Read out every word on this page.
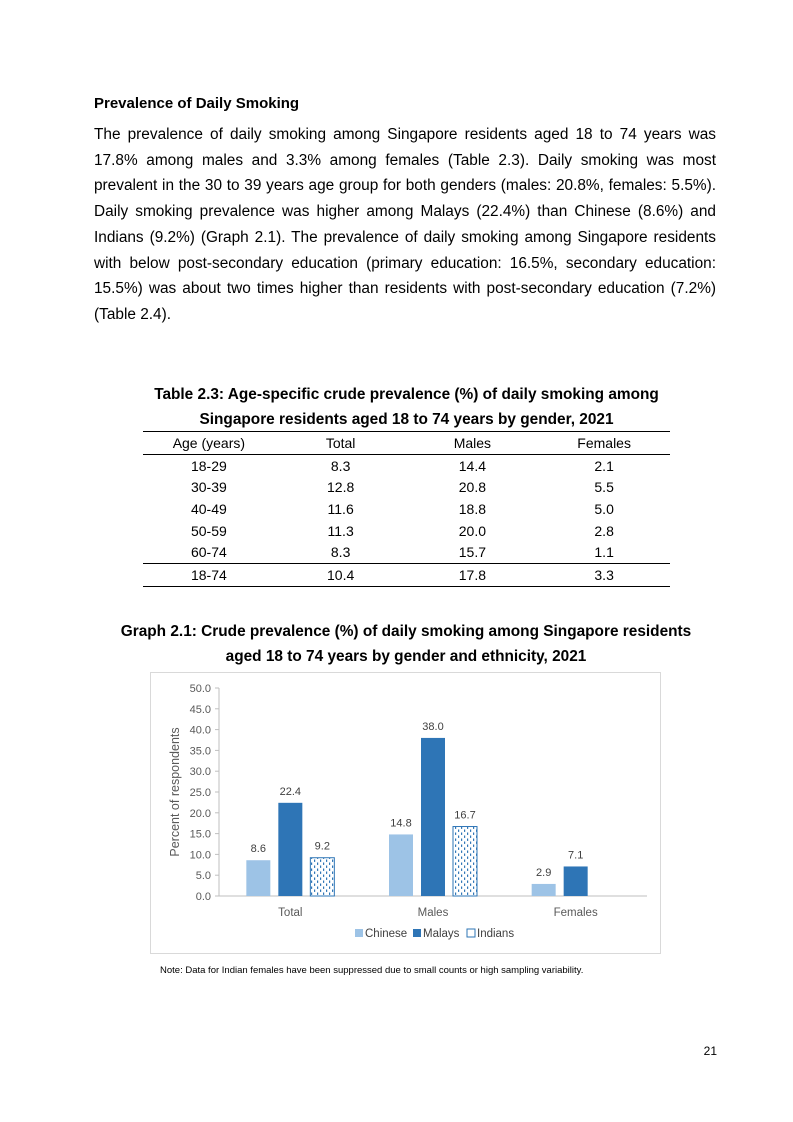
Prevalence of Daily Smoking

The prevalence of daily smoking among Singapore residents aged 18 to 74 years was 17.8% among males and 3.3% among females (Table 2.3). Daily smoking was most prevalent in the 30 to 39 years age group for both genders (males: 20.8%, females: 5.5%). Daily smoking prevalence was higher among Malays (22.4%) than Chinese (8.6%) and Indians (9.2%) (Graph 2.1). The prevalence of daily smoking among Singapore residents with below post-secondary education (primary education: 16.5%, secondary education: 15.5%) was about two times higher than residents with post-secondary education (7.2%) (Table 2.4).

Table 2.3: Age-specific crude prevalence (%) of daily smoking among
Singapore residents aged 18 to 74 years by gender, 2021
Age (years)	Total	Males	Females
18-29	8.3	14.4	2.1
30-39	12.8	20.8	5.5
40-49	11.6	18.8	5.0
50-59	11.3	20.0	2.8
60-74	8.3	15.7	1.1
18-74	10.4	17.8	3.3
Graph 2.1: Crude prevalence (%) of daily smoking among Singapore residents
aged 18 to 74 years by gender and ethnicity, 2021
0.0
5.0
10.0
15.0
20.0
25.0
30.0
35.0
40.0
45.0
50.0
Percent of respondents	8.6
22.4
9.2
Total
14.8
38.0
16.7
Males
2.9
7.1
Females
Chinese Malays Indians

Note: Data for Indian females have been suppressed due to small counts or high sampling variability.

21
